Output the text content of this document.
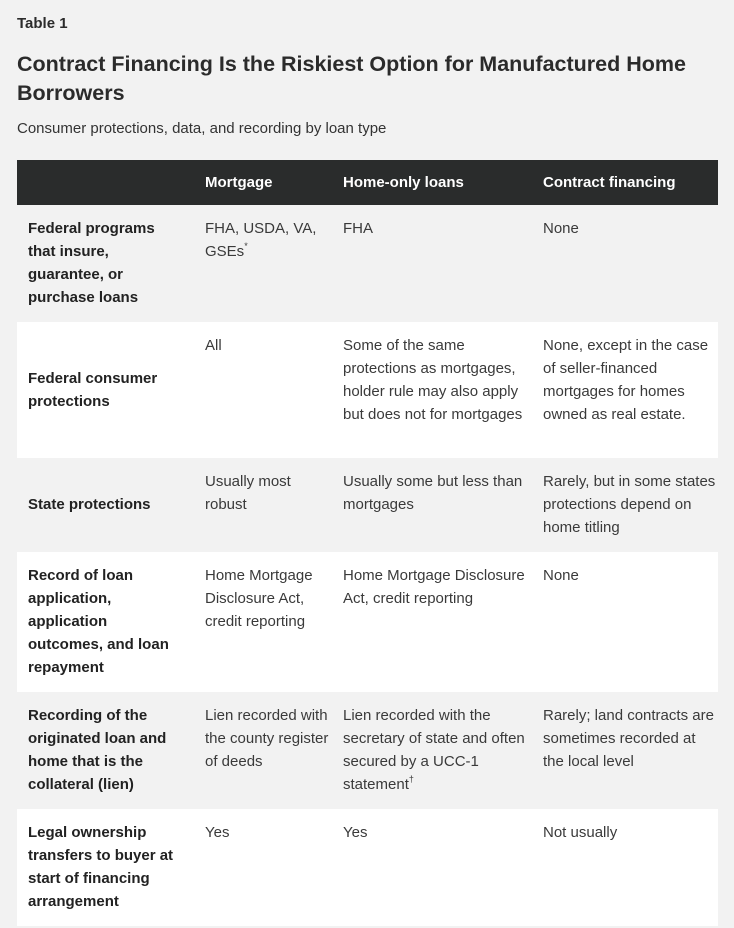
Table 1
Contract Financing Is the Riskiest Option for Manufactured Home Borrowers
Consumer protections, data, and recording by loan type
	Mortgage	Home-only loans	Contract financing
Federal programs that insure, guarantee, or purchase loans	FHA, USDA, VA, GSEs*	FHA	None
Federal consumer protections	All	Some of the same protections as mortgages, holder rule may also apply but does not for mortgages	None, except in the case of seller-financed mortgages for homes owned as real estate.
State protections	Usually most robust	Usually some but less than mortgages	Rarely, but in some states protections depend on home titling
Record of loan application, application outcomes, and loan repayment	Home Mortgage Disclosure Act, credit reporting	Home Mortgage Disclosure Act, credit reporting	None
Recording of the originated loan and home that is the collateral (lien)	Lien recorded with the county register of deeds	Lien recorded with the secretary of state and often secured by a UCC-1 statement†	Rarely; land contracts are sometimes recorded at the local level
Legal ownership transfers to buyer at start of financing arrangement	Yes	Yes	Not usually
